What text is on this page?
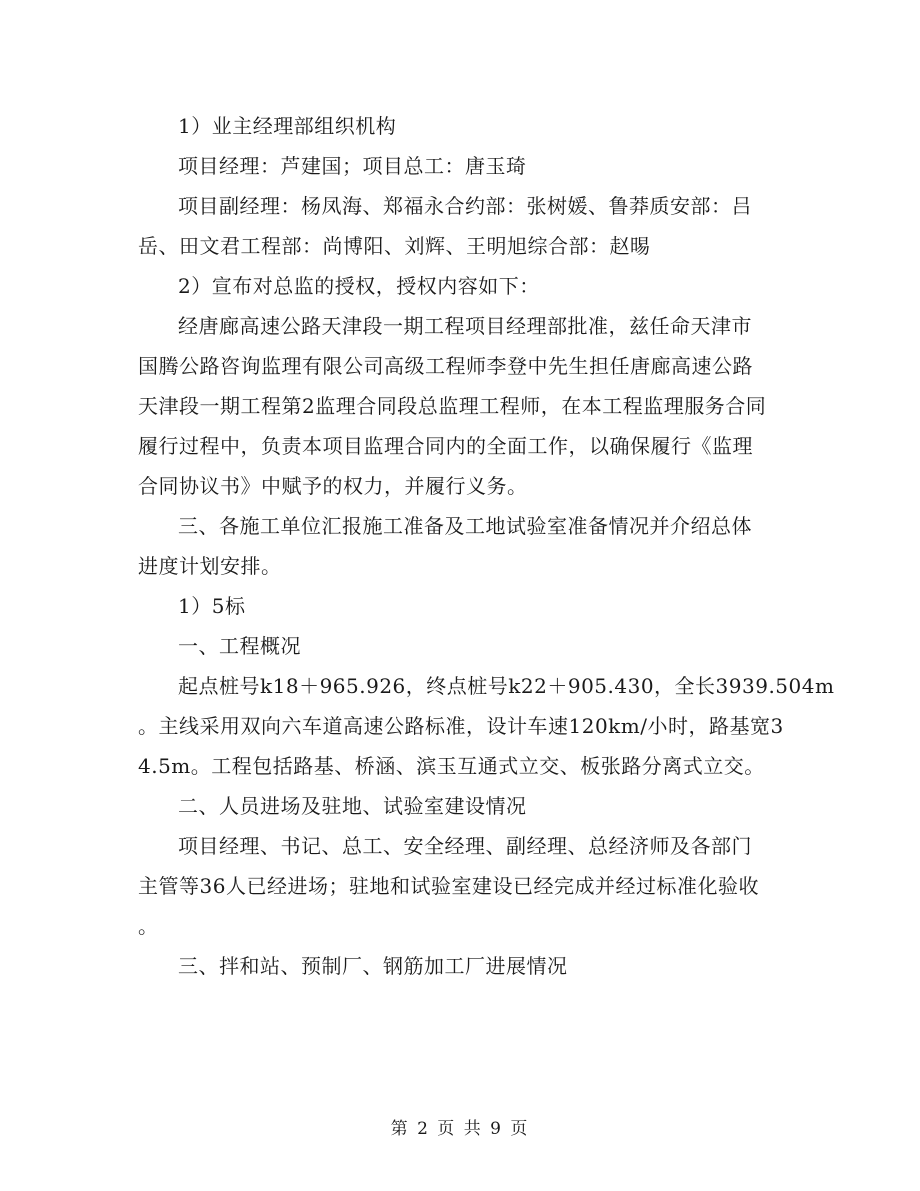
1）业主经理部组织机构
项目经理：芦建国；项目总工：唐玉琦
项目副经理：杨凤海、郑福永合约部：张树媛、鲁莽质安部：吕
岳、田文君工程部：尚博阳、刘辉、王明旭综合部：赵晹
2）宣布对总监的授权，授权内容如下：
经唐廊高速公路天津段一期工程项目经理部批准，兹任命天津市
国腾公路咨询监理有限公司高级工程师李登中先生担任唐廊高速公路
天津段一期工程第2监理合同段总监理工程师，在本工程监理服务合同
履行过程中，负责本项目监理合同内的全面工作，以确保履行《监理
合同协议书》中赋予的权力，并履行义务。
三、各施工单位汇报施工准备及工地试验室准备情况并介绍总体
进度计划安排。
1）5标
一、工程概况
起点桩号k18＋965.926，终点桩号k22＋905.430，全长3939.504m
。主线采用双向六车道高速公路标准，设计车速120km/小时，路基宽3
4.5m。工程包括路基、桥涵、滨玉互通式立交、板张路分离式立交。
二、人员进场及驻地、试验室建设情况
项目经理、书记、总工、安全经理、副经理、总经济师及各部门
主管等36人已经进场；驻地和试验室建设已经完成并经过标准化验收
。
三、拌和站、预制厂、钢筋加工厂进展情况
第 2 页 共 9 页
